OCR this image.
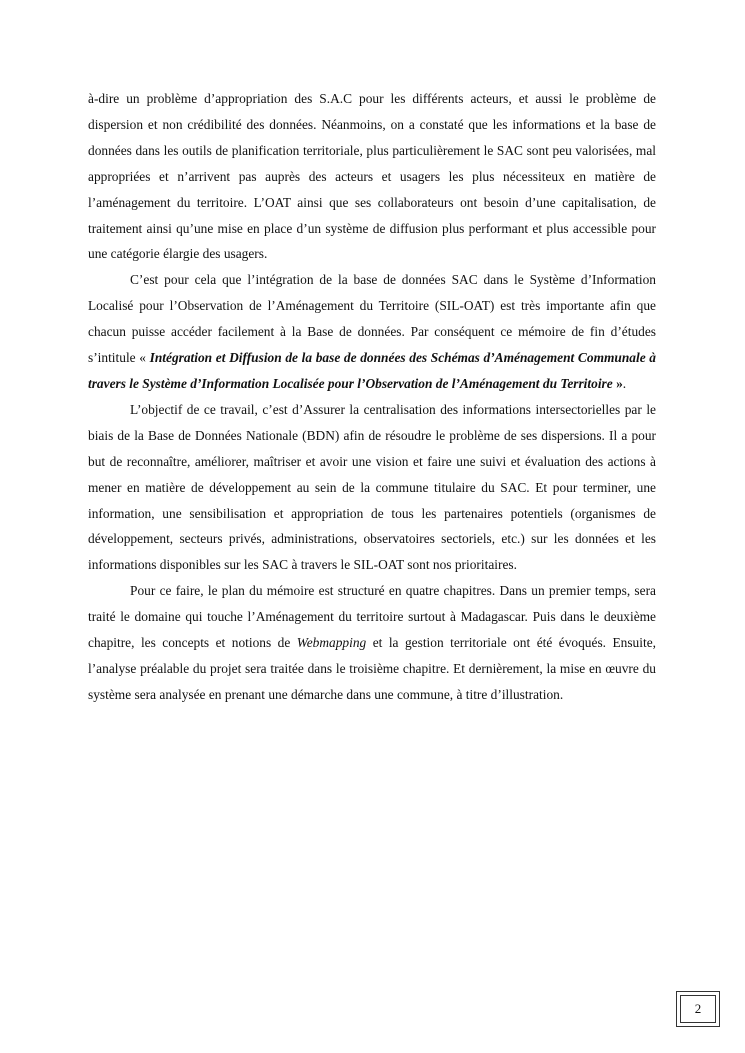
à-dire un problème d’appropriation des S.A.C pour les différents acteurs, et aussi le problème de dispersion et non crédibilité des données. Néanmoins, on a constaté que les informations et la base de données dans les outils de planification territoriale, plus particulièrement le SAC sont peu valorisées, mal appropriées et n’arrivent pas auprès des acteurs et usagers les plus nécessiteux en matière de l’aménagement du territoire. L’OAT ainsi que ses collaborateurs ont besoin d’une capitalisation, de traitement ainsi qu’une mise en place d’un système de diffusion plus performant et plus accessible pour une catégorie élargie des usagers.

C’est pour cela que l’intégration de la base de données SAC dans le Système d’Information Localisé pour l’Observation de l’Aménagement du Territoire (SIL-OAT) est très importante afin que chacun puisse accéder facilement à la Base de données. Par conséquent ce mémoire de fin d’études s’intitule « Intégration et Diffusion de la base de données des Schémas d’Aménagement Communale à travers le Système d’Information Localisée pour l’Observation de l’Aménagement du Territoire ».

L’objectif de ce travail, c’est d’Assurer la centralisation des informations intersectorielles par le biais de la Base de Données Nationale (BDN) afin de résoudre le problème de ses dispersions. Il a pour but de reconnaître, améliorer, maîtriser et avoir une vision et faire une suivi et évaluation des actions à mener en matière de développement au sein de la commune titulaire du SAC. Et pour terminer, une information, une sensibilisation et appropriation de tous les partenaires potentiels (organismes de développement, secteurs privés, administrations, observatoires sectoriels, etc.) sur les données et les informations disponibles sur les SAC à travers le SIL-OAT sont nos prioritaires.

Pour ce faire, le plan du mémoire est structuré en quatre chapitres. Dans un premier temps, sera traité le domaine qui touche l’Aménagement du territoire surtout à Madagascar. Puis dans le deuxième chapitre, les concepts et notions de Webmapping et la gestion territoriale ont été évoqués. Ensuite, l’analyse préalable du projet sera traitée dans le troisième chapitre. Et dernièrement, la mise en œuvre du système sera analysée en prenant une démarche dans une commune, à titre d’illustration.

2
